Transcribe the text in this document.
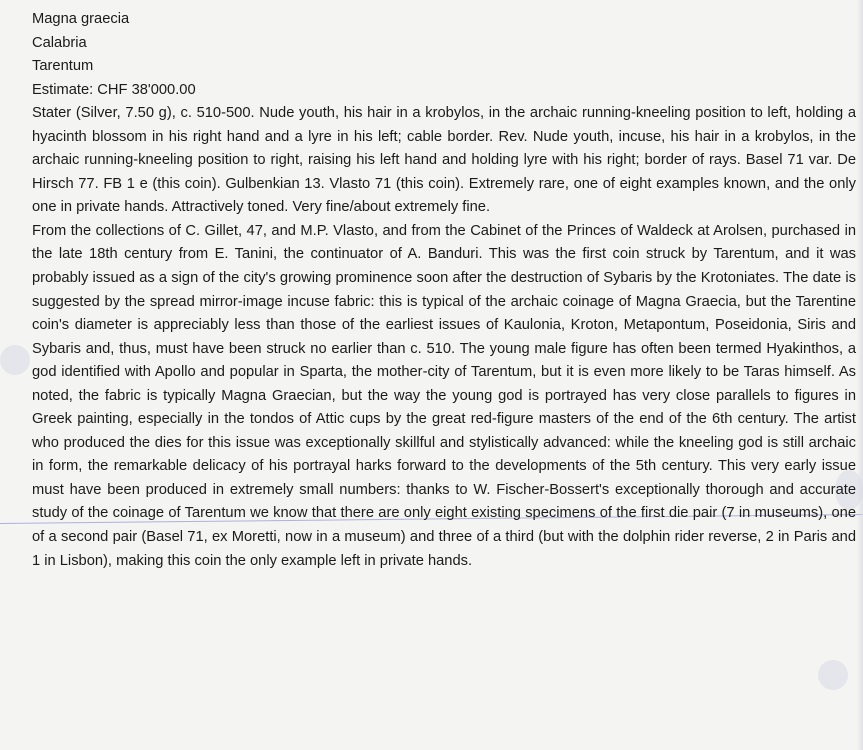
Magna graecia
Calabria
Tarentum
Estimate: CHF 38'000.00

Stater (Silver, 7.50 g), c. 510-500. Nude youth, his hair in a krobylos, in the archaic running-kneeling position to left, holding a hyacinth blossom in his right hand and a lyre in his left; cable border. Rev. Nude youth, incuse, his hair in a krobylos, in the archaic running-kneeling position to right, raising his left hand and holding lyre with his right; border of rays. Basel 71 var. De Hirsch 77. FB 1 e (this coin). Gulbenkian 13. Vlasto 71 (this coin). Extremely rare, one of eight examples known, and the only one in private hands. Attractively toned. Very fine/about extremely fine.

From the collections of C. Gillet, 47, and M.P. Vlasto, and from the Cabinet of the Princes of Waldeck at Arolsen, purchased in the late 18th century from E. Tanini, the continuator of A. Banduri. This was the first coin struck by Tarentum, and it was probably issued as a sign of the city's growing prominence soon after the destruction of Sybaris by the Krotoniates. The date is suggested by the spread mirror-image incuse fabric: this is typical of the archaic coinage of Magna Graecia, but the Tarentine coin's diameter is appreciably less than those of the earliest issues of Kaulonia, Kroton, Metapontum, Poseidonia, Siris and Sybaris and, thus, must have been struck no earlier than c. 510. The young male figure has often been termed Hyakinthos, a god identified with Apollo and popular in Sparta, the mother-city of Tarentum, but it is even more likely to be Taras himself. As noted, the fabric is typically Magna Graecian, but the way the young god is portrayed has very close parallels to figures in Greek painting, especially in the tondos of Attic cups by the great red-figure masters of the end of the 6th century. The artist who produced the dies for this issue was exceptionally skillful and stylistically advanced: while the kneeling god is still archaic in form, the remarkable delicacy of his portrayal harks forward to the developments of the 5th century. This very early issue must have been produced in extremely small numbers: thanks to W. Fischer-Bossert's exceptionally thorough and accurate study of the coinage of Tarentum we know that there are only eight existing specimens of the first die pair (7 in museums), one of a second pair (Basel 71, ex Moretti, now in a museum) and three of a third (but with the dolphin rider reverse, 2 in Paris and 1 in Lisbon), making this coin the only example left in private hands.
